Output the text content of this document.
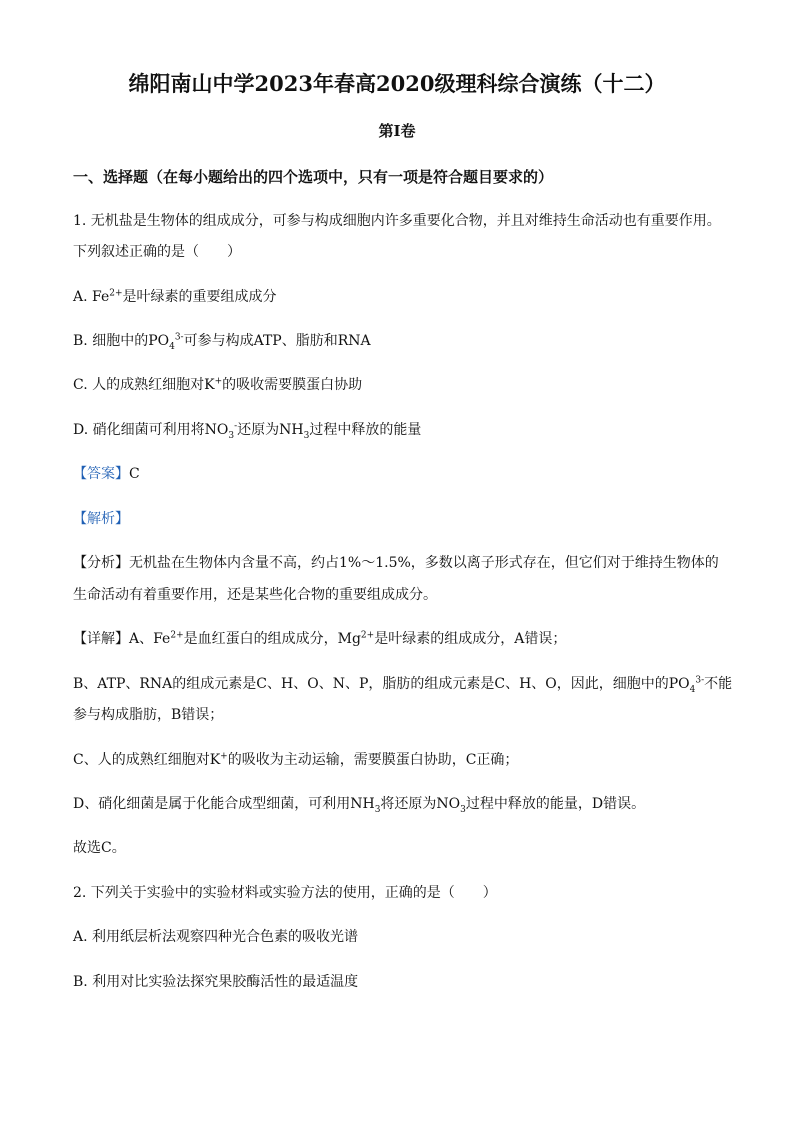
绵阳南山中学2023年春高2020级理科综合演练（十二）
第I卷
一、选择题（在每小题给出的四个选项中，只有一项是符合题目要求的）
1. 无机盐是生物体的组成成分，可参与构成细胞内许多重要化合物，并且对维持生命活动也有重要作用。
下列叙述正确的是（　　）
A. $Fe^{2+}$是叶绿素的重要组成成分
B. 细胞中的$PO_4^{3-}$可参与构成ATP、脂肪和RNA
C. 人的成熟红细胞对K+的吸收需要膜蛋白协助
D. 硝化细菌可利用将$NO_3^-$还原为$NH_3$过程中释放的能量
【答案】C
【解析】
【分析】无机盐在生物体内含量不高，约占1%～1.5%，多数以离子形式存在，但它们对于维持生物体的
生命活动有着重要作用，还是某些化合物的重要组成成分。
【详解】A、$Fe^{2+}$是血红蛋白的组成成分，$Mg^{2+}$是叶绿素的组成成分，A错误；
B、ATP、RNA的组成元素是C、H、O、N、P，脂肪的组成元素是C、H、O，因此，细胞中的$PO_4^{3-}$不能
参与构成脂肪，B错误；
C、人的成熟红细胞对K+的吸收为主动运输，需要膜蛋白协助，C正确；
D、硝化细菌是属于化能合成型细菌，可利用$NH_3$将还原为$NO_3$过程中释放的能量，D错误。
故选C。
2. 下列关于实验中的实验材料或实验方法的使用，正确的是（　　）
A. 利用纸层析法观察四种光合色素的吸收光谱
B. 利用对比实验法探究果胶酶活性的最适温度
